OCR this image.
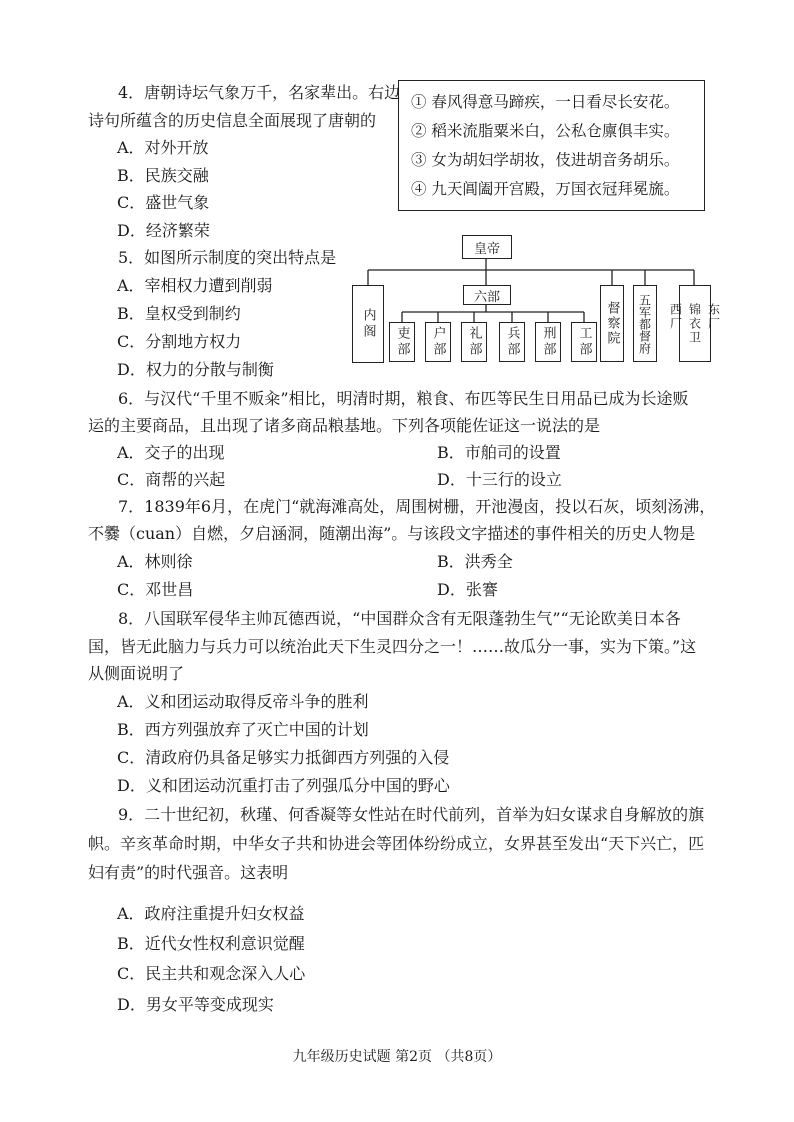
4．唐朝诗坛气象万千，名家辈出。右边
诗句所蕴含的历史信息全面展现了唐朝的
A．对外开放
B．民族交融
C．盛世气象
D．经济繁荣
① 春风得意马蹄疾，一日看尽长安花。
② 稻米流脂粟米白，公私仓廪俱丰实。
③ 女为胡妇学胡妆，伎进胡音务胡乐。
④ 九天阊阖开宫殿，万国衣冠拜冕旒。
5．如图所示制度的突出特点是
A．宰相权力遭到削弱
B．皇权受到制约
C．分割地方权力
D．权力的分散与制衡
皇帝
内阁
六部
吏部 户部 礼部 兵部 刑部 工部 督察院 五军都督府	东厂
锦衣卫
西厂
6．与汉代“千里不贩籴”相比，明清时期，粮食、布匹等民生日用品已成为长途贩
运的主要商品，且出现了诸多商品粮基地。下列各项能佐证这一说法的是
A．交子的出现	B．市舶司的设置
C．商帮的兴起	D．十三行的设立
7．1839年6月，在虎门“就海滩高处，周围树栅，开池漫卤，投以石灰，顷刻汤沸，
不爨（cuan）自燃，夕启涵洞，随潮出海”。与该段文字描述的事件相关的历史人物是
A．林则徐	B．洪秀全
C．邓世昌	D．张謇
8．八国联军侵华主帅瓦德西说，“中国群众含有无限蓬勃生气”“无论欧美日本各
国，皆无此脑力与兵力可以统治此天下生灵四分之一！……故瓜分一事，实为下策。”这
从侧面说明了
A．义和团运动取得反帝斗争的胜利
B．西方列强放弃了灭亡中国的计划
C．清政府仍具备足够实力抵御西方列强的入侵
D．义和团运动沉重打击了列强瓜分中国的野心
9．二十世纪初，秋瑾、何香凝等女性站在时代前列，首举为妇女谋求自身解放的旗
帜。辛亥革命时期，中华女子共和协进会等团体纷纷成立，女界甚至发出“天下兴亡，匹
妇有责”的时代强音。这表明
A．政府注重提升妇女权益
B．近代女性权利意识觉醒
C．民主共和观念深入人心
D．男女平等变成现实
九年级历史试题 第2页 （共8页）
